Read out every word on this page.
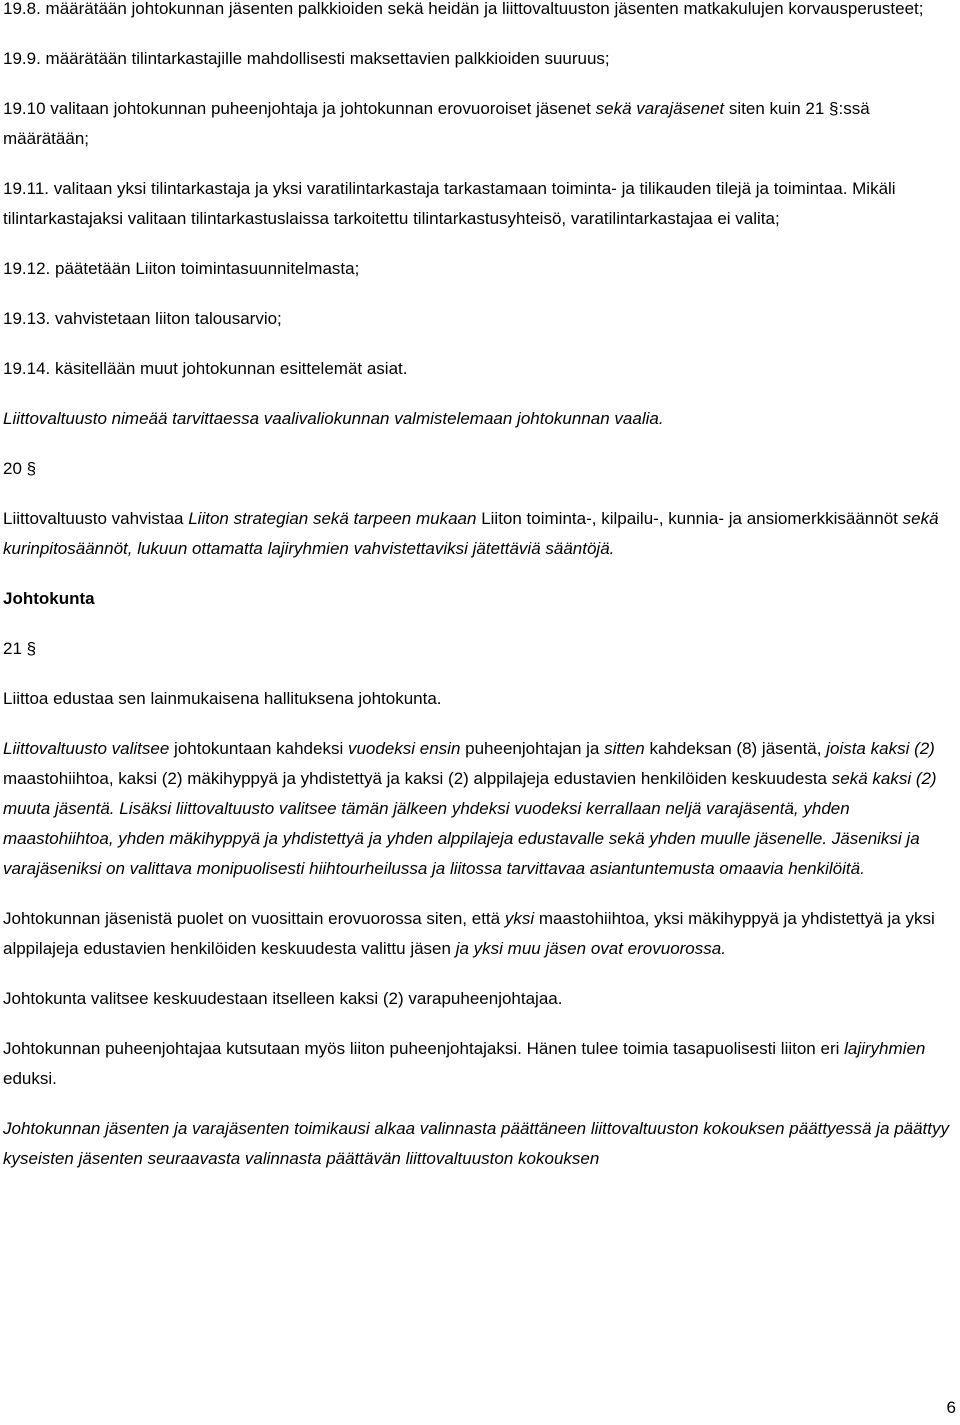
19.8. määrätään johtokunnan jäsenten palkkioiden sekä heidän ja liittovaltuuston jäsenten matkakulujen korvausperusteet;

19.9. määrätään tilintarkastajille mahdollisesti maksettavien palkkioiden suuruus;

19.10 valitaan johtokunnan puheenjohtaja ja johtokunnan erovuoroiset jäsenet sekä varajäsenet siten kuin 21 §:ssä määrätään;

19.11. valitaan yksi tilintarkastaja ja yksi varatilintarkastaja tarkastamaan toiminta- ja tilikauden tilejä ja toimintaa. Mikäli tilintarkastajaksi valitaan tilintarkastuslaissa tarkoitettu tilintarkastusyhteisö, varatilintarkastajaa ei valita;

19.12. päätetään Liiton toimintasuunnitelmasta;

19.13. vahvistetaan liiton talousarvio;

19.14. käsitellään muut johtokunnan esittelemät asiat.

Liittovaltuusto nimeää tarvittaessa vaalivaliokunnan valmistelemaan johtokunnan vaalia.

20 §

Liittovaltuusto vahvistaa Liiton strategian sekä tarpeen mukaan Liiton toiminta-, kilpailu-, kunnia- ja ansiomerkkisäännöt sekä kurinpitosäännöt, lukuun ottamatta lajiryhmien vahvistettaviksi jätettäviä sääntöjä.

Johtokunta

21 §

Liittoa edustaa sen lainmukaisena hallituksena johtokunta.

Liittovaltuusto valitsee johtokuntaan kahdeksi vuodeksi ensin puheenjohtajan ja sitten kahdeksan (8) jäsentä, joista kaksi (2) maastohiihtoa, kaksi (2) mäkihyppyä ja yhdistettyä ja kaksi (2) alppilajeja edustavien henkilöiden keskuudesta sekä kaksi (2) muuta jäsentä. Lisäksi liittovaltuusto valitsee tämän jälkeen yhdeksi vuodeksi kerrallaan neljä varajäsentä, yhden maastohiihtoa, yhden mäkihyppyä ja yhdistettyä ja yhden alppilajeja edustavalle sekä yhden muulle jäsenelle. Jäseniksi ja varajäseniksi on valittava monipuolisesti hiihtourheilussa ja liitossa tarvittavaa asiantuntemusta omaavia henkilöitä.

Johtokunnan jäsenistä puolet on vuosittain erovuorossa siten, että yksi maastohiihtoa, yksi mäkihyppyä ja yhdistettyä ja yksi alppilajeja edustavien henkilöiden keskuudesta valittu jäsen ja yksi muu jäsen ovat erovuorossa.

Johtokunta valitsee keskuudestaan itselleen kaksi (2) varapuheenjohtajaa.

Johtokunnan puheenjohtajaa kutsutaan myös liiton puheenjohtajaksi. Hänen tulee toimia tasapuolisesti liiton eri lajiryhmien eduksi.

Johtokunnan jäsenten ja varajäsenten toimikausi alkaa valinnasta päättäneen liittovaltuuston kokouksen päättyessä ja päättyy kyseisten jäsenten seuraavasta valinnasta päättävän liittovaltuuston kokouksen

6
